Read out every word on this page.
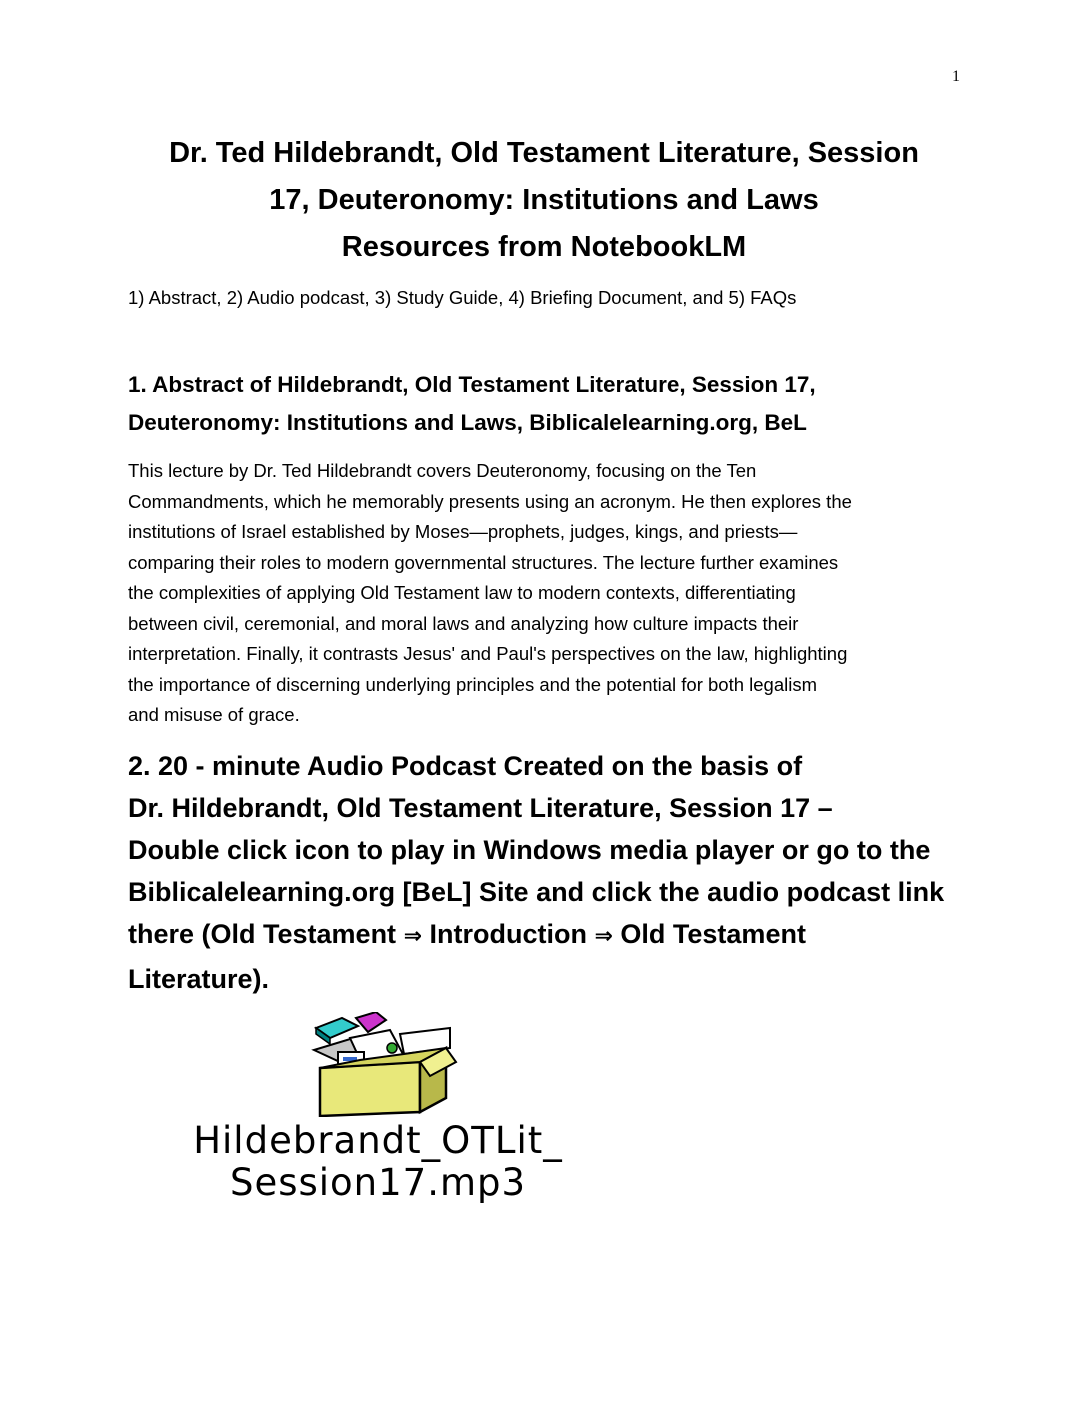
1
Dr. Ted Hildebrandt, Old Testament Literature, Session
17, Deuteronomy: Institutions and Laws
Resources from NotebookLM

1) Abstract, 2) Audio podcast, 3) Study Guide, 4) Briefing Document, and 5) FAQs

1. Abstract of Hildebrandt, Old Testament Literature, Session 17,
Deuteronomy: Institutions and Laws, Biblicalelearning.org, BeL

This lecture by Dr. Ted Hildebrandt covers Deuteronomy, focusing on the Ten
Commandments, which he memorably presents using an acronym. He then explores the
institutions of Israel established by Moses—prophets, judges, kings, and priests—
comparing their roles to modern governmental structures. The lecture further examines
the complexities of applying Old Testament law to modern contexts, differentiating
between civil, ceremonial, and moral laws and analyzing how culture impacts their
interpretation. Finally, it contrasts Jesus' and Paul's perspectives on the law, highlighting
the importance of discerning underlying principles and the potential for both legalism
and misuse of grace.

2. 20 - minute Audio Podcast Created on the basis of
Dr. Hildebrandt, Old Testament Literature, Session 17 –
Double click icon to play in Windows media player or go to the
Biblicalelearning.org [BeL] Site and click the audio podcast link
there (Old Testament ⇒ Introduction ⇒ Old Testament
Literature).
Hildebrandt_OTLit_
Session17.mp3
